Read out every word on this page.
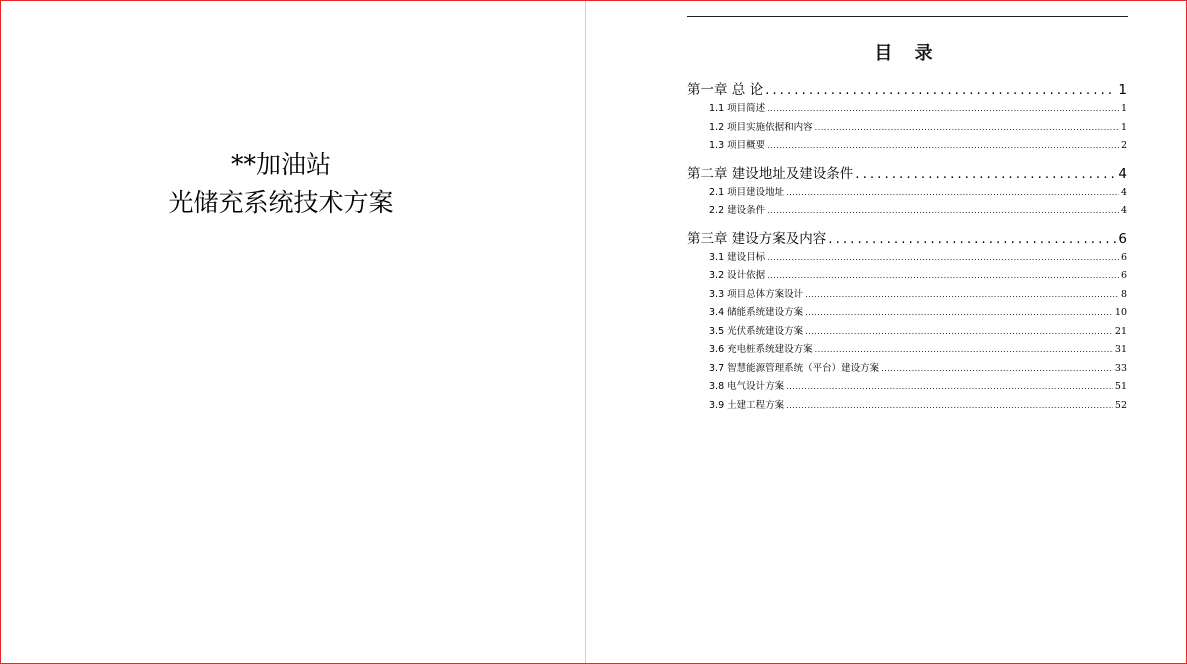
**加油站
光储充系统技术方案
目 录
第一章 总 论 .....	1
1.1 项目简述 .....	1
1.2 项目实施依据和内容 .....	1
1.3 项目概要 .....	2
第二章 建设地址及建设条件 .....	4
2.1 项目建设地址 .....	4
2.2 建设条件 .....	4
第三章 建设方案及内容 .....	6
3.1 建设目标 .....	6
3.2 设计依据 .....	6
3.3 项目总体方案设计 .....	8
3.4 储能系统建设方案 .....	10
3.5 光伏系统建设方案 .....	21
3.6 充电桩系统建设方案 .....	31
3.7 智慧能源管理系统（平台）建设方案 .....	33
3.8 电气设计方案 .....	51
3.9 土建工程方案 .....	52
